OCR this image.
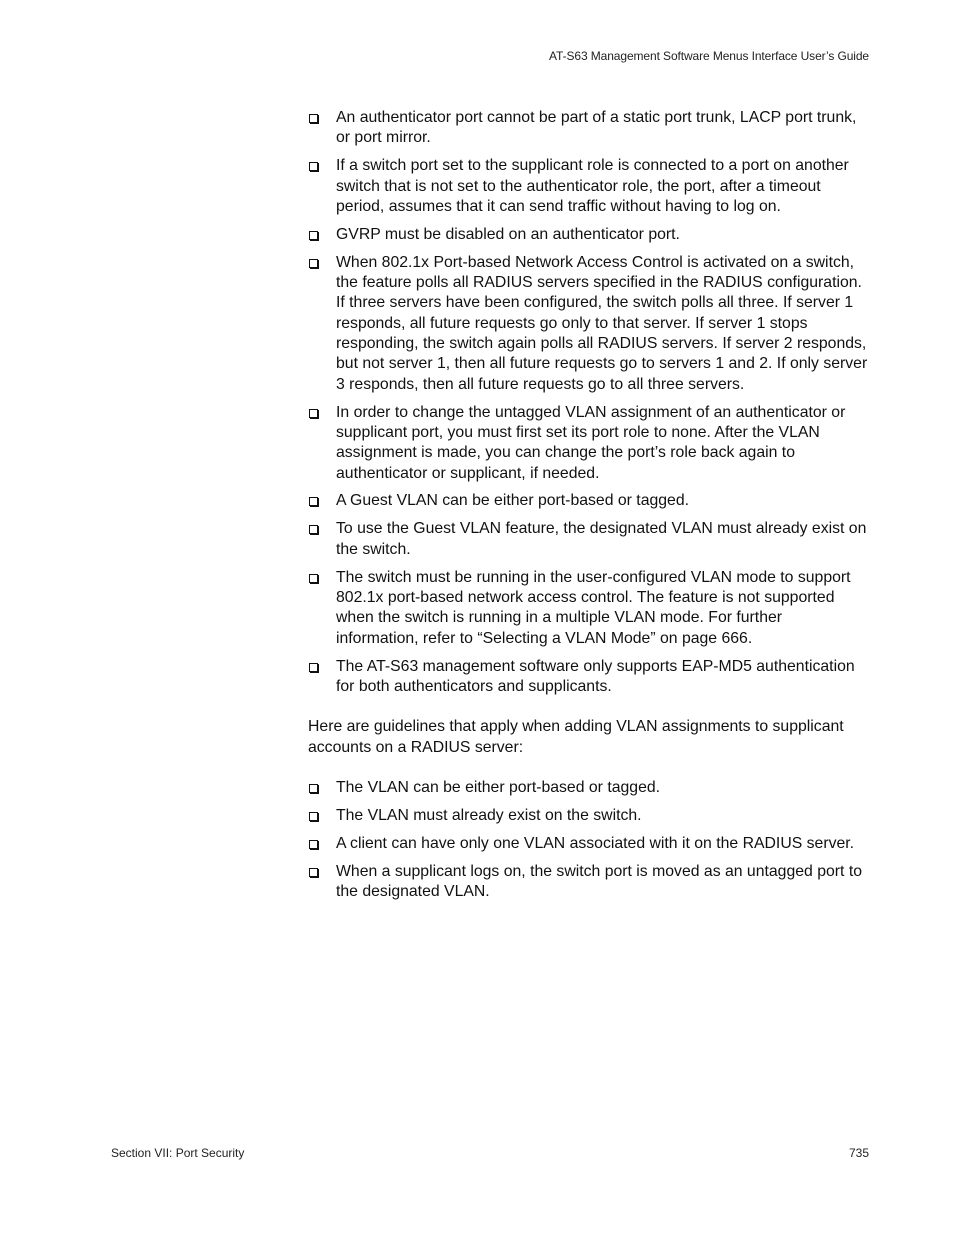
AT-S63 Management Software Menus Interface User’s Guide
An authenticator port cannot be part of a static port trunk, LACP port trunk, or port mirror.
If a switch port set to the supplicant role is connected to a port on another switch that is not set to the authenticator role, the port, after a timeout period, assumes that it can send traffic without having to log on.
GVRP must be disabled on an authenticator port.
When 802.1x Port-based Network Access Control is activated on a switch, the feature polls all RADIUS servers specified in the RADIUS configuration. If three servers have been configured, the switch polls all three. If server 1 responds, all future requests go only to that server. If server 1 stops responding, the switch again polls all RADIUS servers. If server 2 responds, but not server 1, then all future requests go to servers 1 and 2. If only server 3 responds, then all future requests go to all three servers.
In order to change the untagged VLAN assignment of an authenticator or supplicant port, you must first set its port role to none. After the VLAN assignment is made, you can change the port’s role back again to authenticator or supplicant, if needed.
A Guest VLAN can be either port-based or tagged.
To use the Guest VLAN feature, the designated VLAN must already exist on the switch.
The switch must be running in the user-configured VLAN mode to support 802.1x port-based network access control. The feature is not supported when the switch is running in a multiple VLAN mode. For further information, refer to “Selecting a VLAN Mode” on page 666.
The AT-S63 management software only supports EAP-MD5 authentication for both authenticators and supplicants.

Here are guidelines that apply when adding VLAN assignments to supplicant accounts on a RADIUS server:

The VLAN can be either port-based or tagged.
The VLAN must already exist on the switch.
A client can have only one VLAN associated with it on the RADIUS server.
When a supplicant logs on, the switch port is moved as an untagged port to the designated VLAN.
Section VII: Port Security	735
